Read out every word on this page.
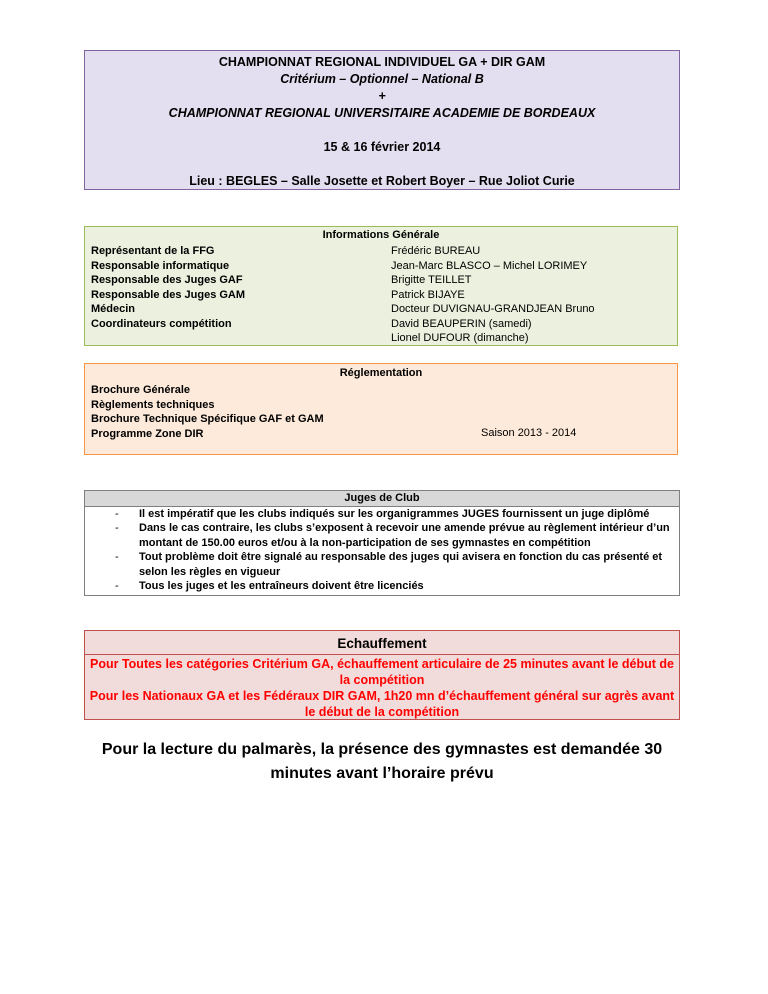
CHAMPIONNAT REGIONAL INDIVIDUEL GA + DIR GAM
Critérium – Optionnel – National B
+
CHAMPIONNAT REGIONAL UNIVERSITAIRE ACADEMIE DE BORDEAUX
15 & 16 février 2014
Lieu : BEGLES – Salle Josette et Robert Boyer – Rue Joliot Curie
Informations Générale
Représentant de la FFG
Responsable informatique
Responsable des Juges GAF
Responsable des Juges GAM
Médecin
Coordinateurs compétition
Frédéric BUREAU
Jean-Marc BLASCO – Michel LORIMEY
Brigitte TEILLET
Patrick BIJAYE
Docteur DUVIGNAU-GRANDJEAN Bruno
David BEAUPERIN (samedi)
Lionel DUFOUR (dimanche)
Réglementation
Brochure Générale
Règlements techniques
Brochure Technique Spécifique GAF et GAM
Programme Zone DIR	Saison 2013 - 2014
Juges de Club
- Il est impératif que les clubs indiqués sur les organigrammes JUGES fournissent un juge diplômé
- Dans le cas contraire, les clubs s’exposent à recevoir une amende prévue au règlement intérieur d’un montant de 150.00 euros et/ou à la non-participation de ses gymnastes en compétition
- Tout problème doit être signalé au responsable des juges qui avisera en fonction du cas présenté et selon les règles en vigueur
- Tous les juges et les entraîneurs doivent être licenciés
Echauffement
Pour Toutes les catégories Critérium GA, échauffement articulaire de 25 minutes avant le début de la compétition
Pour les Nationaux GA et les Fédéraux DIR GAM, 1h20 mn d’échauffement général sur agrès avant le début de la compétition
Pour la lecture du palmarès, la présence des gymnastes est demandée 30 minutes avant l’horaire prévu
